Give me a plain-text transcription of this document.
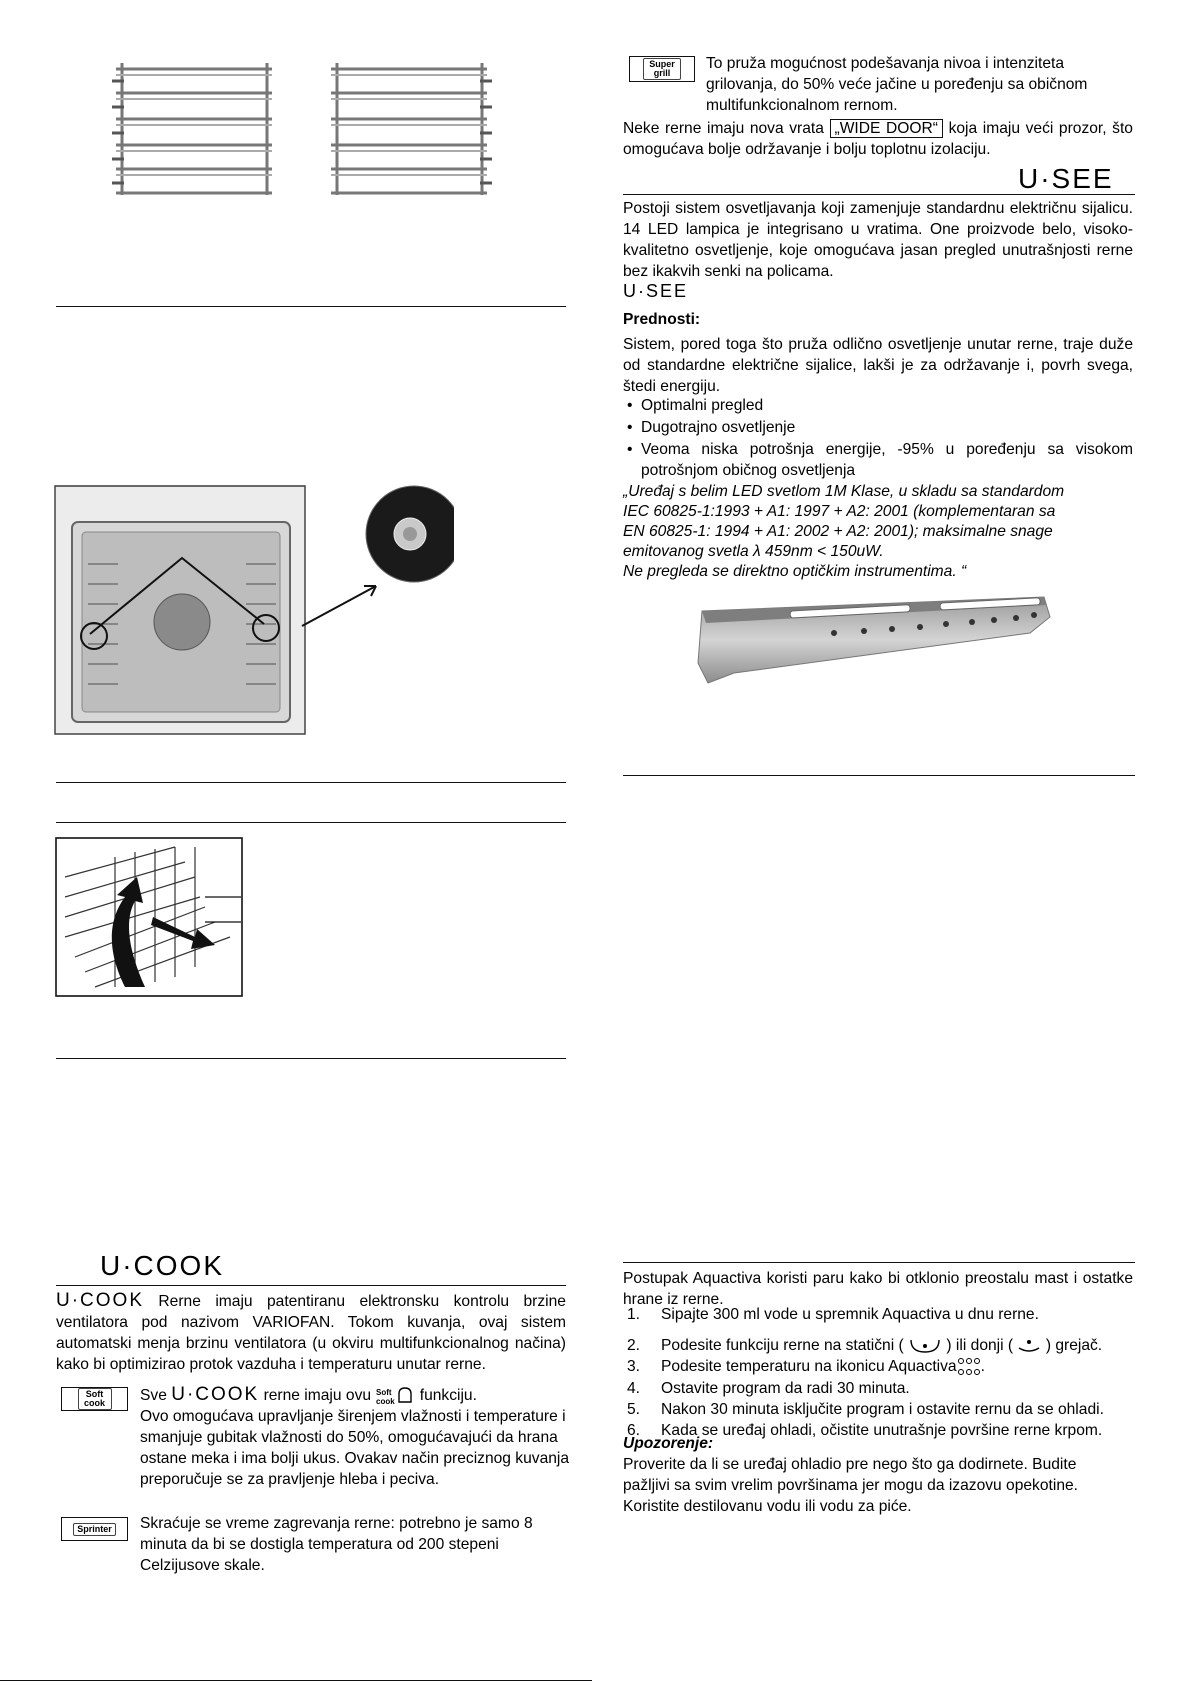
U·COOK
U·COOK Rerne imaju patentiranu elektronsku kontrolu brzine ventilatora pod nazivom VARIOFAN. Tokom kuvanja, ovaj sistem automatski menja brzinu ventilatora (u okviru multifunkcionalnog načina) kako bi optimizirao protok vazduha i temperaturu unutar rerne.
Soft cook	Sve U·COOK rerne imaju ovu Soft
cook funkciju.
Ovo omogućava upravljanje širenjem vlažnosti i temperature i smanjuje gubitak vlažnosti do 50%, omogućavajući da hrana ostane meka i ima bolji ukus. Ovakav način preciznog kuvanja preporučuje se za pravljenje hleba i peciva.
Sprinter Skraćuje se vreme zagrevanja rerne: potrebno je samo 8 minuta da bi se dostigla temperatura od 200 stepeni Celzijusove skale.
Super grill
To pruža mogućnost podešavanja nivoa i intenziteta grilovanja, do 50% veće jačine u poređenju sa običnom multifunkcionalnom rernom.
Neke rerne imaju nova vrata „WIDE DOOR“ koja imaju veći prozor, što omogućava bolje održavanje i bolju toplotnu izolaciju.
U·SEE
Postoji sistem osvetljavanja koji zamenjuje standardnu električnu sijalicu. 14 LED lampica je integrisano u vratima. One proizvode belo, visoko-kvalitetno osvetljenje, koje omogućava jasan pregled unutrašnjosti rerne bez ikakvih senki na policama.
U·SEE
Prednosti:
Sistem, pored toga što pruža odlično osvetljenje unutar rerne, traje duže od standardne električne sijalice, lakši je za održavanje i, povrh svega, štedi energiju.
• Optimalni pregled
• Dugotrajno osvetljenje
• Veoma niska potrošnja energije, -95% u poređenju sa visokom potrošnjom običnog osvetljenja
„Uređaj s belim LED svetlom 1M Klase, u skladu sa standardom
IEC 60825-1:1993 + A1: 1997 + A2: 2001 (komplementaran sa
EN 60825-1: 1994 + A1: 2002 + A2: 2001); maksimalne snage
emitovanog svetla λ 459nm < 150uW.
Ne pregleda se direktno optičkim instrumentima. “
Postupak Aquactiva koristi paru kako bi otklonio preostalu mast i ostatke hrane iz rerne.
1.	Sipajte 300 ml vode u spremnik Aquactiva u dnu rerne.
2.	Podesite funkciju rerne na statični (	) ili donji ( ) grejač.
3.	Podesite temperaturu na ikonicu Aquactiva .
4.	Ostavite program da radi 30 minuta.
5.	Nakon 30 minuta isključite program i ostavite rernu da se ohladi.
6.	Kada se uređaj ohladi, očistite unutrašnje površine rerne krpom.
Upozorenje:
Proverite da li se uređaj ohladio pre nego što ga dodirnete. Budite pažljivi sa svim vrelim površinama jer mogu da izazovu opekotine. Koristite destilovanu vodu ili vodu za piće.
